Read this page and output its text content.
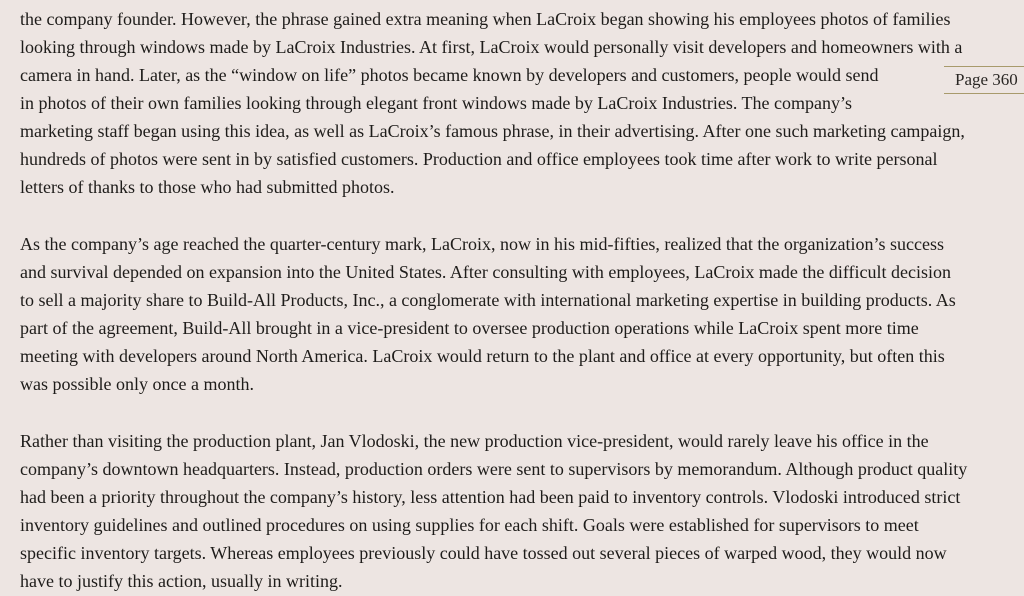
the company founder. However, the phrase gained extra meaning when LaCroix began showing his employees photos of families
looking through windows made by LaCroix Industries. At first, LaCroix would personally visit developers and homeowners with a
camera in hand. Later, as the “window on life” photos became known by developers and customers, people would send
in photos of their own families looking through elegant front windows made by LaCroix Industries. The company’s
marketing staff began using this idea, as well as LaCroix’s famous phrase, in their advertising. After one such marketing campaign,
hundreds of photos were sent in by satisfied customers. Production and office employees took time after work to write personal
letters of thanks to those who had submitted photos.
As the company’s age reached the quarter-century mark, LaCroix, now in his mid-fifties, realized that the organization’s success
and survival depended on expansion into the United States. After consulting with employees, LaCroix made the difficult decision
to sell a majority share to Build-All Products, Inc., a conglomerate with international marketing expertise in building products. As
part of the agreement, Build-All brought in a vice-president to oversee production operations while LaCroix spent more time
meeting with developers around North America. LaCroix would return to the plant and office at every opportunity, but often this
was possible only once a month.
Rather than visiting the production plant, Jan Vlodoski, the new production vice-president, would rarely leave his office in the
company’s downtown headquarters. Instead, production orders were sent to supervisors by memorandum. Although product quality
had been a priority throughout the company’s history, less attention had been paid to inventory controls. Vlodoski introduced strict
inventory guidelines and outlined procedures on using supplies for each shift. Goals were established for supervisors to meet
specific inventory targets. Whereas employees previously could have tossed out several pieces of warped wood, they would now
have to justify this action, usually in writing.
Page 360
